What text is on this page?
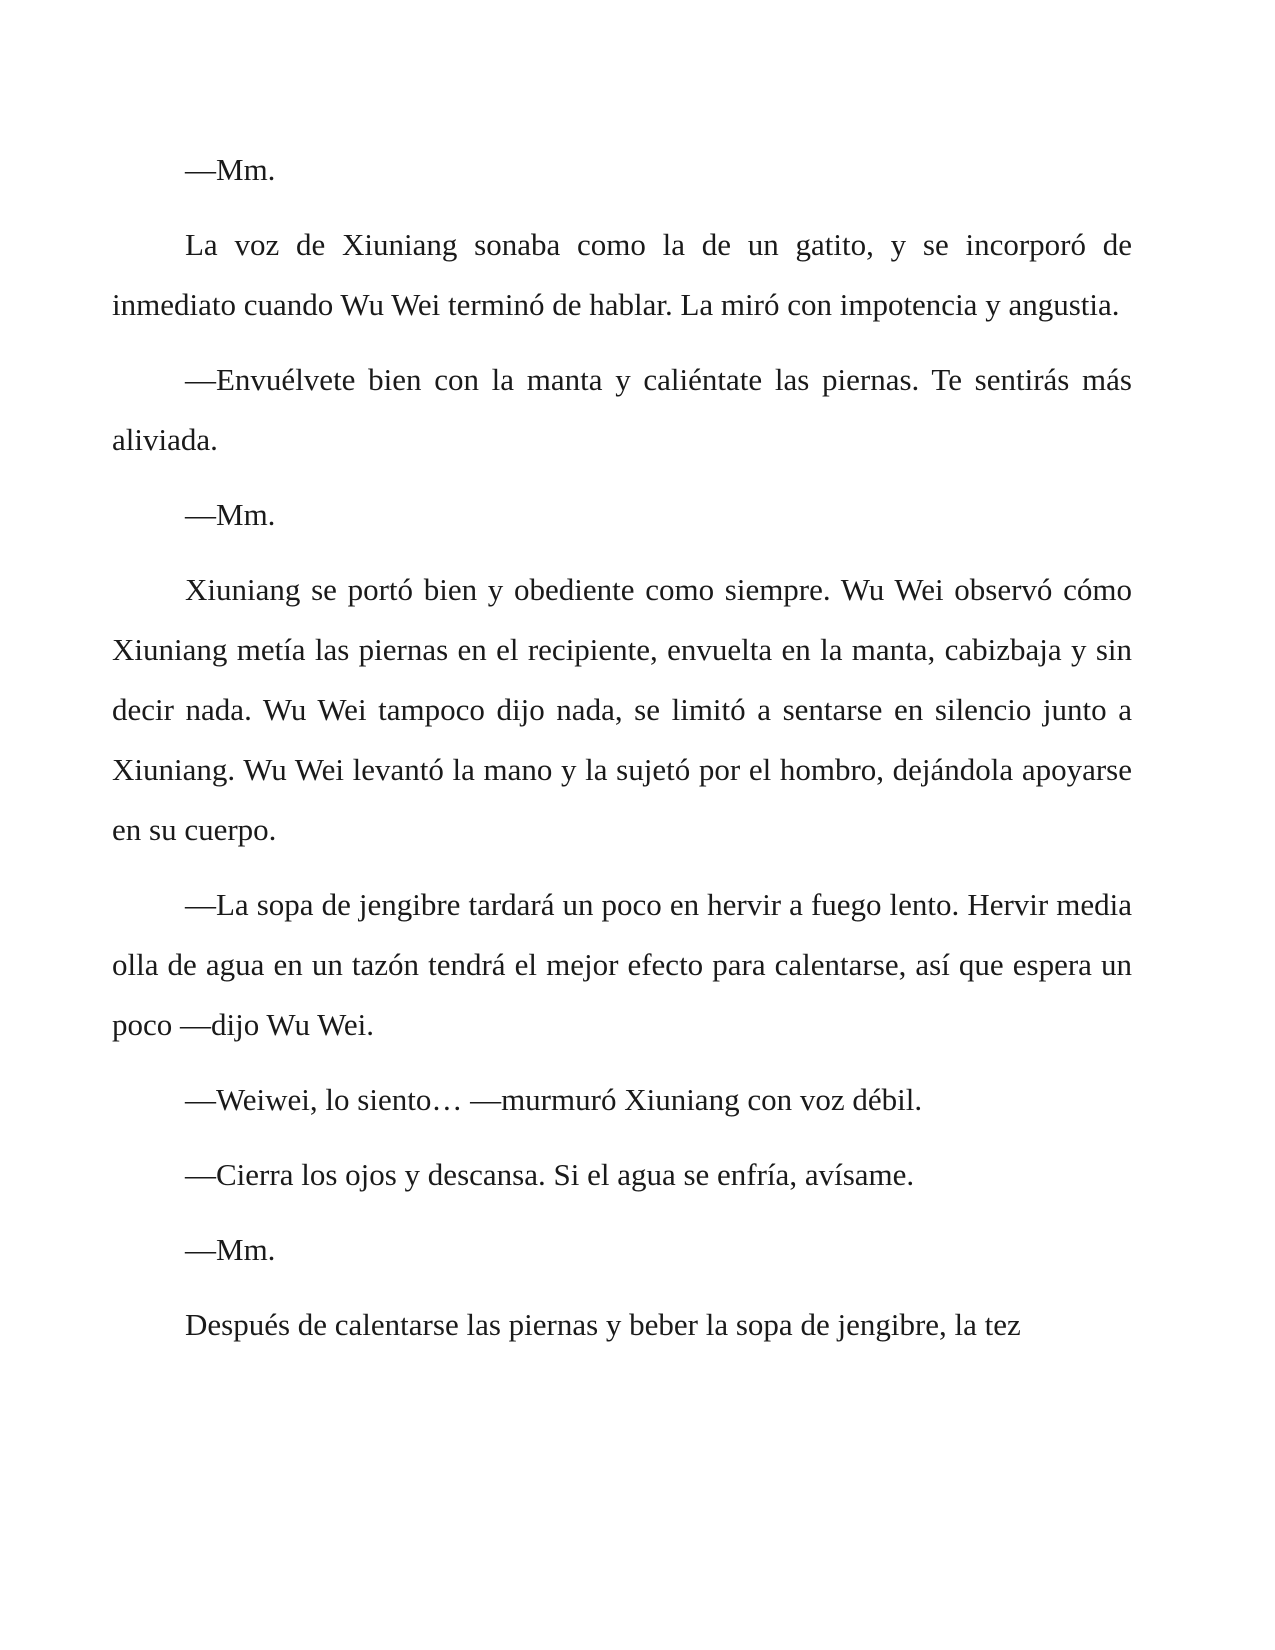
—Mm.

La voz de Xiuniang sonaba como la de un gatito, y se incorporó de inmediato cuando Wu Wei terminó de hablar. La miró con impotencia y angustia.

—Envuélvete bien con la manta y caliéntate las piernas. Te sentirás más aliviada.

—Mm.

Xiuniang se portó bien y obediente como siempre. Wu Wei observó cómo Xiuniang metía las piernas en el recipiente, envuelta en la manta, cabizbaja y sin decir nada. Wu Wei tampoco dijo nada, se limitó a sentarse en silencio junto a Xiuniang. Wu Wei levantó la mano y la sujetó por el hombro, dejándola apoyarse en su cuerpo.

—La sopa de jengibre tardará un poco en hervir a fuego lento. Hervir media olla de agua en un tazón tendrá el mejor efecto para calentarse, así que espera un poco —dijo Wu Wei.

—Weiwei, lo siento… —murmuró Xiuniang con voz débil.

—Cierra los ojos y descansa. Si el agua se enfría, avísame.

—Mm.

Después de calentarse las piernas y beber la sopa de jengibre, la tez
